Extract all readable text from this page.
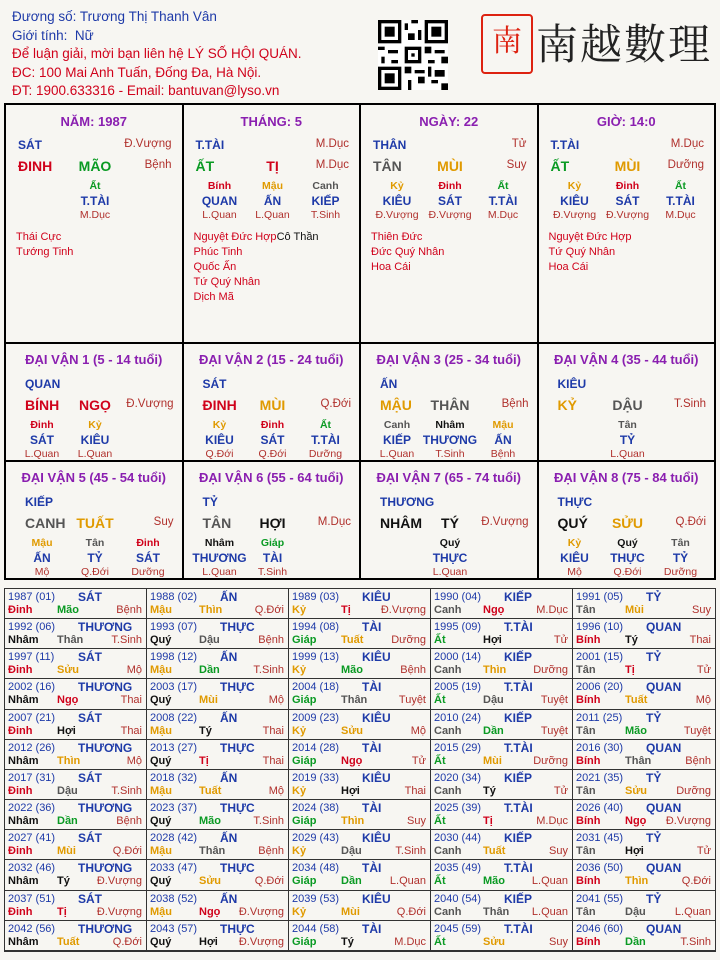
Đương số: Trương Thị Thanh Vân
Giới tính: Nữ
Để luận giải, mời bạn liên hệ LÝ SỐ HỘI QUÁN.
ĐC: 100 Mai Anh Tuấn, Đống Đa, Hà Nội.
ĐT: 1900.633316 - Email: bantuvan@lyso.vn
南 南越數理
NĂM: 1987
SÁT	Đ.Vượng
ĐINH	MÃO	Bệnh
Ất
T.TÀI
M.Dục
Thái Cực
Tướng Tinh
THÁNG: 5
T.TÀI	M.Dục
ẤT	TỊ	M.Dục
Bính
QUAN
L.Quan
Mậu
ẤN
L.Quan
Canh
KIẾP
T.Sinh
Nguyệt Đức HợpCô Thần
Phúc Tinh
Quốc Ấn
Tứ Quý Nhân
Dịch Mã
NGÀY: 22
THÂN	Tử
TÂN	MÙI	Suy
Kỷ
KIÊU
Đ.Vượng
Đinh
SÁT
Đ.Vượng
Ất
T.TÀI
M.Dục
Thiên Đức
Đức Quý Nhân
Hoa Cái
GIỜ: 14:0
T.TÀI	M.Dục
ẤT	MÙI	Dưỡng
Kỷ
KIÊU
Đ.Vượng
Đinh
SÁT
Đ.Vượng
Ất
T.TÀI
M.Dục
Nguyệt Đức Hợp
Tứ Quý Nhân
Hoa Cái
ĐẠI VẬN 1 (5 - 14 tuổi)
QUAN
BÍNH	NGỌ	Đ.Vượng
Đinh
SÁT
L.Quan
Kỷ
KIÊU
L.Quan
ĐẠI VẬN 2 (15 - 24 tuổi)
SÁT
ĐINH	MÙI	Q.Đới
Kỷ
KIÊU
Q.Đới
Đinh
SÁT
Q.Đới
Ất
T.TÀI
Dưỡng
ĐẠI VẬN 3 (25 - 34 tuổi)
ẤN
MẬU	THÂN	Bệnh
Canh
KIẾP
L.Quan
Nhâm
THƯƠNG
T.Sinh
Mậu
ẤN
Bệnh
ĐẠI VẬN 4 (35 - 44 tuổi)
KIÊU
KỶ	DẬU	T.Sinh
Tân
TỶ
L.Quan
ĐẠI VẬN 5 (45 - 54 tuổi)
KIẾP
CANH TUẤT	Suy
Mậu
ẤN
Mộ
Tân
TỶ
Q.Đới
Đinh
SÁT
Dưỡng
ĐẠI VẬN 6 (55 - 64 tuổi)
TỶ
TÂN	HỢI	M.Dục
Nhâm
THƯƠNG
L.Quan
Giáp
TÀI
T.Sinh
ĐẠI VẬN 7 (65 - 74 tuổi)
THƯƠNG
NHÂM	TÝ	Đ.Vượng
Quý
THỰC
L.Quan
ĐẠI VẬN 8 (75 - 84 tuổi)
THỰC
QUÝ	SỬU	Q.Đới
Kỷ
KIÊU
Mộ
Quý
THỰC
Q.Đới
Tân
TỶ
Dưỡng
1987 (01) SÁT
Đinh Mão	Bệnh
1988 (02) ẤN
Mậu Thìn	Q.Đới
1989 (03) KIÊU
Kỷ	Tị	Đ.Vượng
1990 (04) KIẾP
Canh Ngọ	M.Dục
1991 (05) TỶ
Tân	Mùi	Suy
1992 (06) THƯƠNG
Nhâm Thân	T.Sinh
1993 (07) THỰC
Quý	Dậu	Bệnh
1994 (08) TÀI
Giáp Tuất	Dưỡng
1995 (09) T.TÀI
Ất	Hợi	Tử
1996 (10) QUAN
Bính Tý	Thai
1997 (11) SÁT
Đinh Sửu	Mộ
1998 (12) ẤN
Mậu Dần	T.Sinh
1999 (13) KIÊU
Kỷ	Mão	Bệnh
2000 (14) KIẾP
Canh Thìn Dưỡng
2001 (15) TỶ
Tân	Tị	Tử
2002 (16) THƯƠNG
Nhâm Ngọ	Thai
2003 (17) THỰC
Quý	Mùi	Mộ
2004 (18) TÀI
Giáp Thân	Tuyệt
2005 (19) T.TÀI
Ất	Dậu	Tuyệt
2006 (20) QUAN
Bính Tuất	Mộ
2007 (21) SÁT
Đinh Hợi	Thai
2008 (22) ẤN
Mậu Tý	Thai
2009 (23) KIÊU
Kỷ	Sửu	Mộ
2010 (24) KIẾP
Canh Dần	Tuyệt
2011 (25) TỶ
Tân	Mão	Tuyệt
2012 (26) THƯƠNG
Nhâm Thìn	Mộ
2013 (27) THỰC
Quý	Tị	Thai
2014 (28) TÀI
Giáp Ngọ	Tử
2015 (29) T.TÀI
Ất	Mùi	Dưỡng
2016 (30) QUAN
Bính Thân	Bệnh
2017 (31) SÁT
Đinh Dậu	T.Sinh
2018 (32) ẤN
Mậu Tuất	Mộ
2019 (33) KIÊU
Kỷ	Hợi	Thai
2020 (34) KIẾP
Canh Tý	Tử
2021 (35) TỶ
Tân	Sửu	Dưỡng
2022 (36) THƯƠNG
Nhâm Dần	Bệnh
2023 (37) THỰC
Quý	Mão	T.Sinh
2024 (38) TÀI
Giáp Thìn	Suy
2025 (39) T.TÀI
Ất	Tị	M.Dục
2026 (40) QUAN
Bính Ngọ Đ.Vượng
2027 (41) SÁT
Đinh Mùi	Q.Đới
2028 (42) ẤN
Mậu Thân	Bệnh
2029 (43) KIÊU
Kỷ	Dậu	T.Sinh
2030 (44) KIẾP
Canh Tuất	Suy
2031 (45) TỶ
Tân	Hợi	Tử
2032 (46) THƯƠNG
Nhâm Tý Đ.Vượng
2033 (47) THỰC
Quý	Sửu	Q.Đới
2034 (48) TÀI
Giáp Dần	L.Quan
2035 (49) T.TÀI
Ất	Mão L.Quan
2036 (50) QUAN
Bính Thìn	Q.Đới
2037 (51) SÁT
Đinh Tị	Đ.Vượng
2038 (52) ẤN
Mậu Ngọ Đ.Vượng
2039 (53) KIÊU
Kỷ	Mùi	Q.Đới
2040 (54) KIẾP
Canh Thân L.Quan
2041 (55) TỶ
Tân	Dậu	L.Quan
2042 (56) THƯƠNG
Nhâm Tuất	Q.Đới
2043 (57) THỰC
Quý	Hợi Đ.Vượng
2044 (58) TÀI
Giáp Tý	M.Dục
2045 (59) T.TÀI
Ất	Sửu	Suy
2046 (60) QUAN
Bính Dần	T.Sinh
